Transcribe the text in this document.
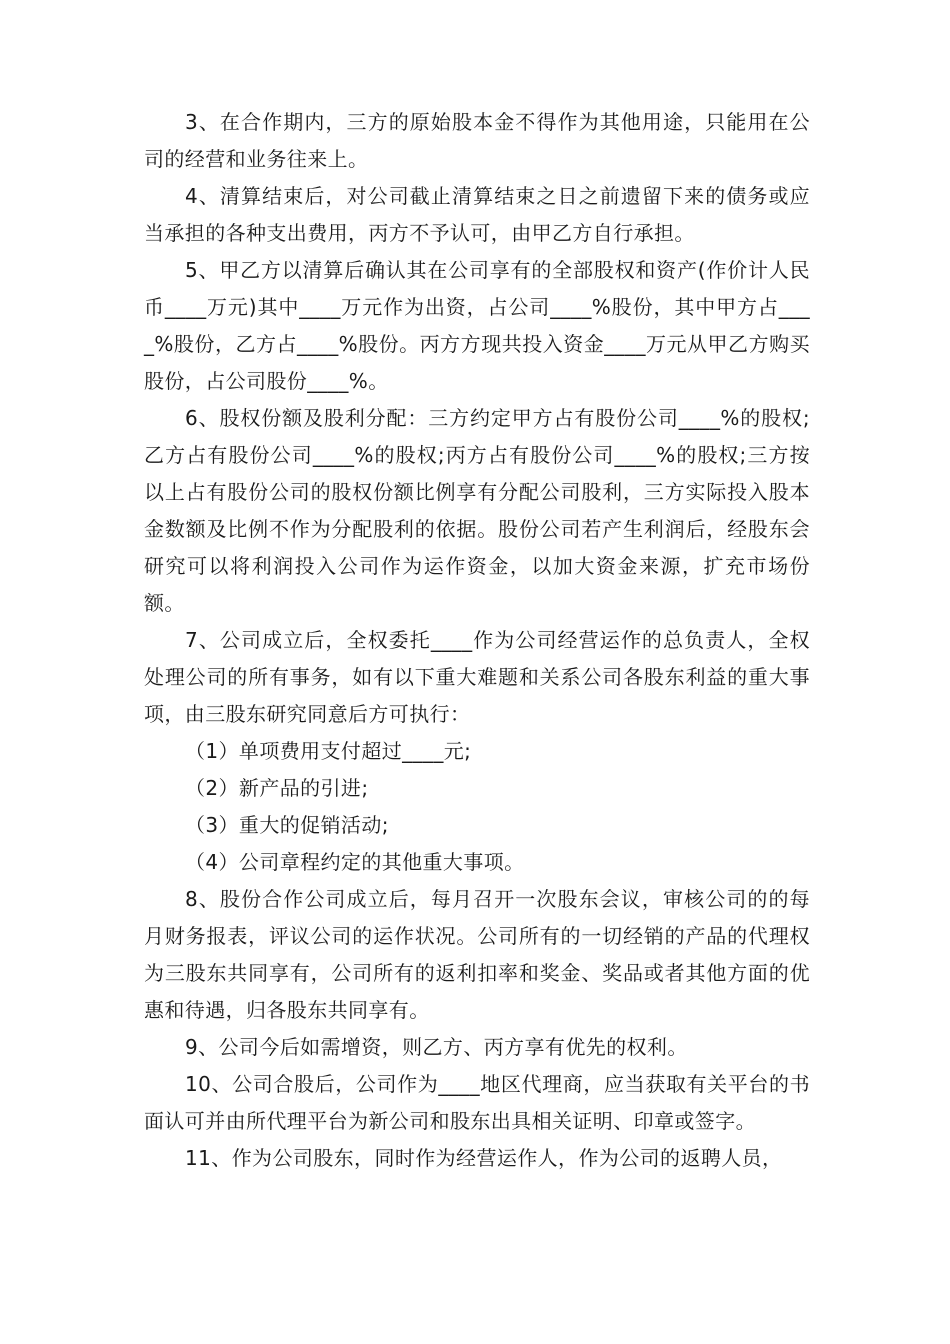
3、在合作期内，三方的原始股本金不得作为其他用途，只能用在公司的经营和业务往来上。

4、清算结束后，对公司截止清算结束之日之前遗留下来的债务或应当承担的各种支出费用，丙方不予认可，由甲乙方自行承担。

5、甲乙方以清算后确认其在公司享有的全部股权和资产(作价计人民币____万元)其中____万元作为出资，占公司____%股份，其中甲方占____%股份，乙方占____%股份。丙方方现共投入资金____万元从甲乙方购买股份，占公司股份____%。

6、股权份额及股利分配：三方约定甲方占有股份公司____%的股权;乙方占有股份公司____%的股权;丙方占有股份公司____%的股权;三方按以上占有股份公司的股权份额比例享有分配公司股利，三方实际投入股本金数额及比例不作为分配股利的依据。股份公司若产生利润后，经股东会研究可以将利润投入公司作为运作资金，以加大资金来源，扩充市场份额。

7、公司成立后，全权委托____作为公司经营运作的总负责人，全权处理公司的所有事务，如有以下重大难题和关系公司各股东利益的重大事项，由三股东研究同意后方可执行：

（1）单项费用支付超过____元;

（2）新产品的引进;

（3）重大的促销活动;

（4）公司章程约定的其他重大事项。

8、股份合作公司成立后，每月召开一次股东会议，审核公司的的每月财务报表，评议公司的运作状况。公司所有的一切经销的产品的代理权为三股东共同享有，公司所有的返利扣率和奖金、奖品或者其他方面的优惠和待遇，归各股东共同享有。

9、公司今后如需增资，则乙方、丙方享有优先的权利。

10、公司合股后，公司作为____地区代理商，应当获取有关平台的书面认可并由所代理平台为新公司和股东出具相关证明、印章或签字。

11、作为公司股东，同时作为经营运作人，作为公司的返聘人员，
